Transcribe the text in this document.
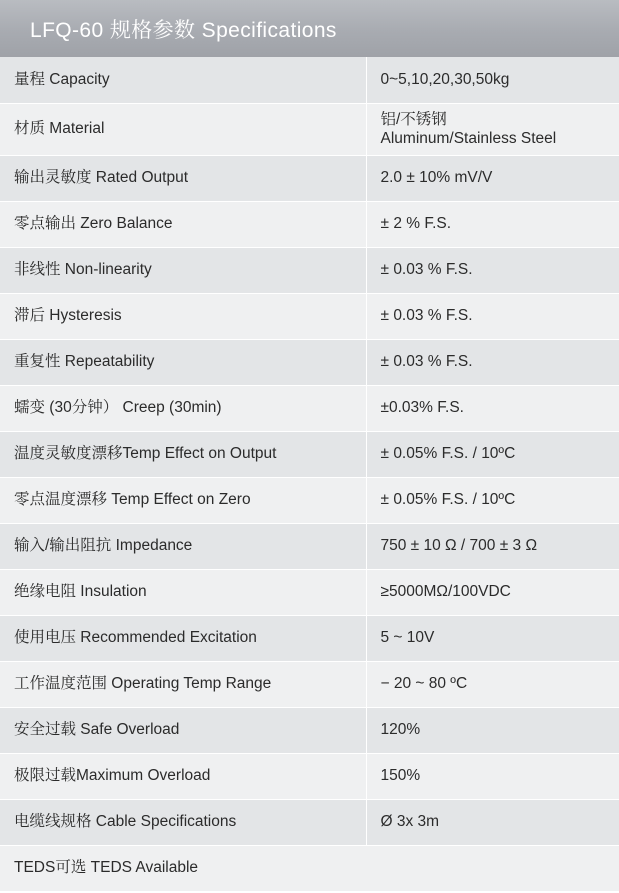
LFQ-60 规格参数 Specifications
量程 Capacity	0~5,10,20,30,50kg
材质 Material	铝/不锈钢
Aluminum/Stainless Steel

输出灵敏度 Rated Output	2.0 ± 10% mV/V
零点输出 Zero Balance	± 2 % F.S.
非线性 Non-linearity	± 0.03 % F.S.
滞后 Hysteresis	± 0.03 % F.S.
重复性 Repeatability	± 0.03 % F.S.
蠕变 (30分钟） Creep (30min)	±0.03% F.S.
温度灵敏度漂移Temp Effect on Output	± 0.05% F.S. / 10ºC
零点温度漂移 Temp Effect on Zero	± 0.05% F.S. / 10ºC
输入/输出阻抗 Impedance	750 ± 10 Ω / 700 ± 3 Ω
绝缘电阻 Insulation	≥5000MΩ/100VDC
使用电压 Recommended Excitation	5 ~ 10V
工作温度范围 Operating Temp Range	− 20 ~ 80 ºC
安全过载 Safe Overload	120%
极限过载Maximum Overload	150%
电缆线规格 Cable Specifications	Ø 3x 3m
TEDS可选 TEDS Available	
